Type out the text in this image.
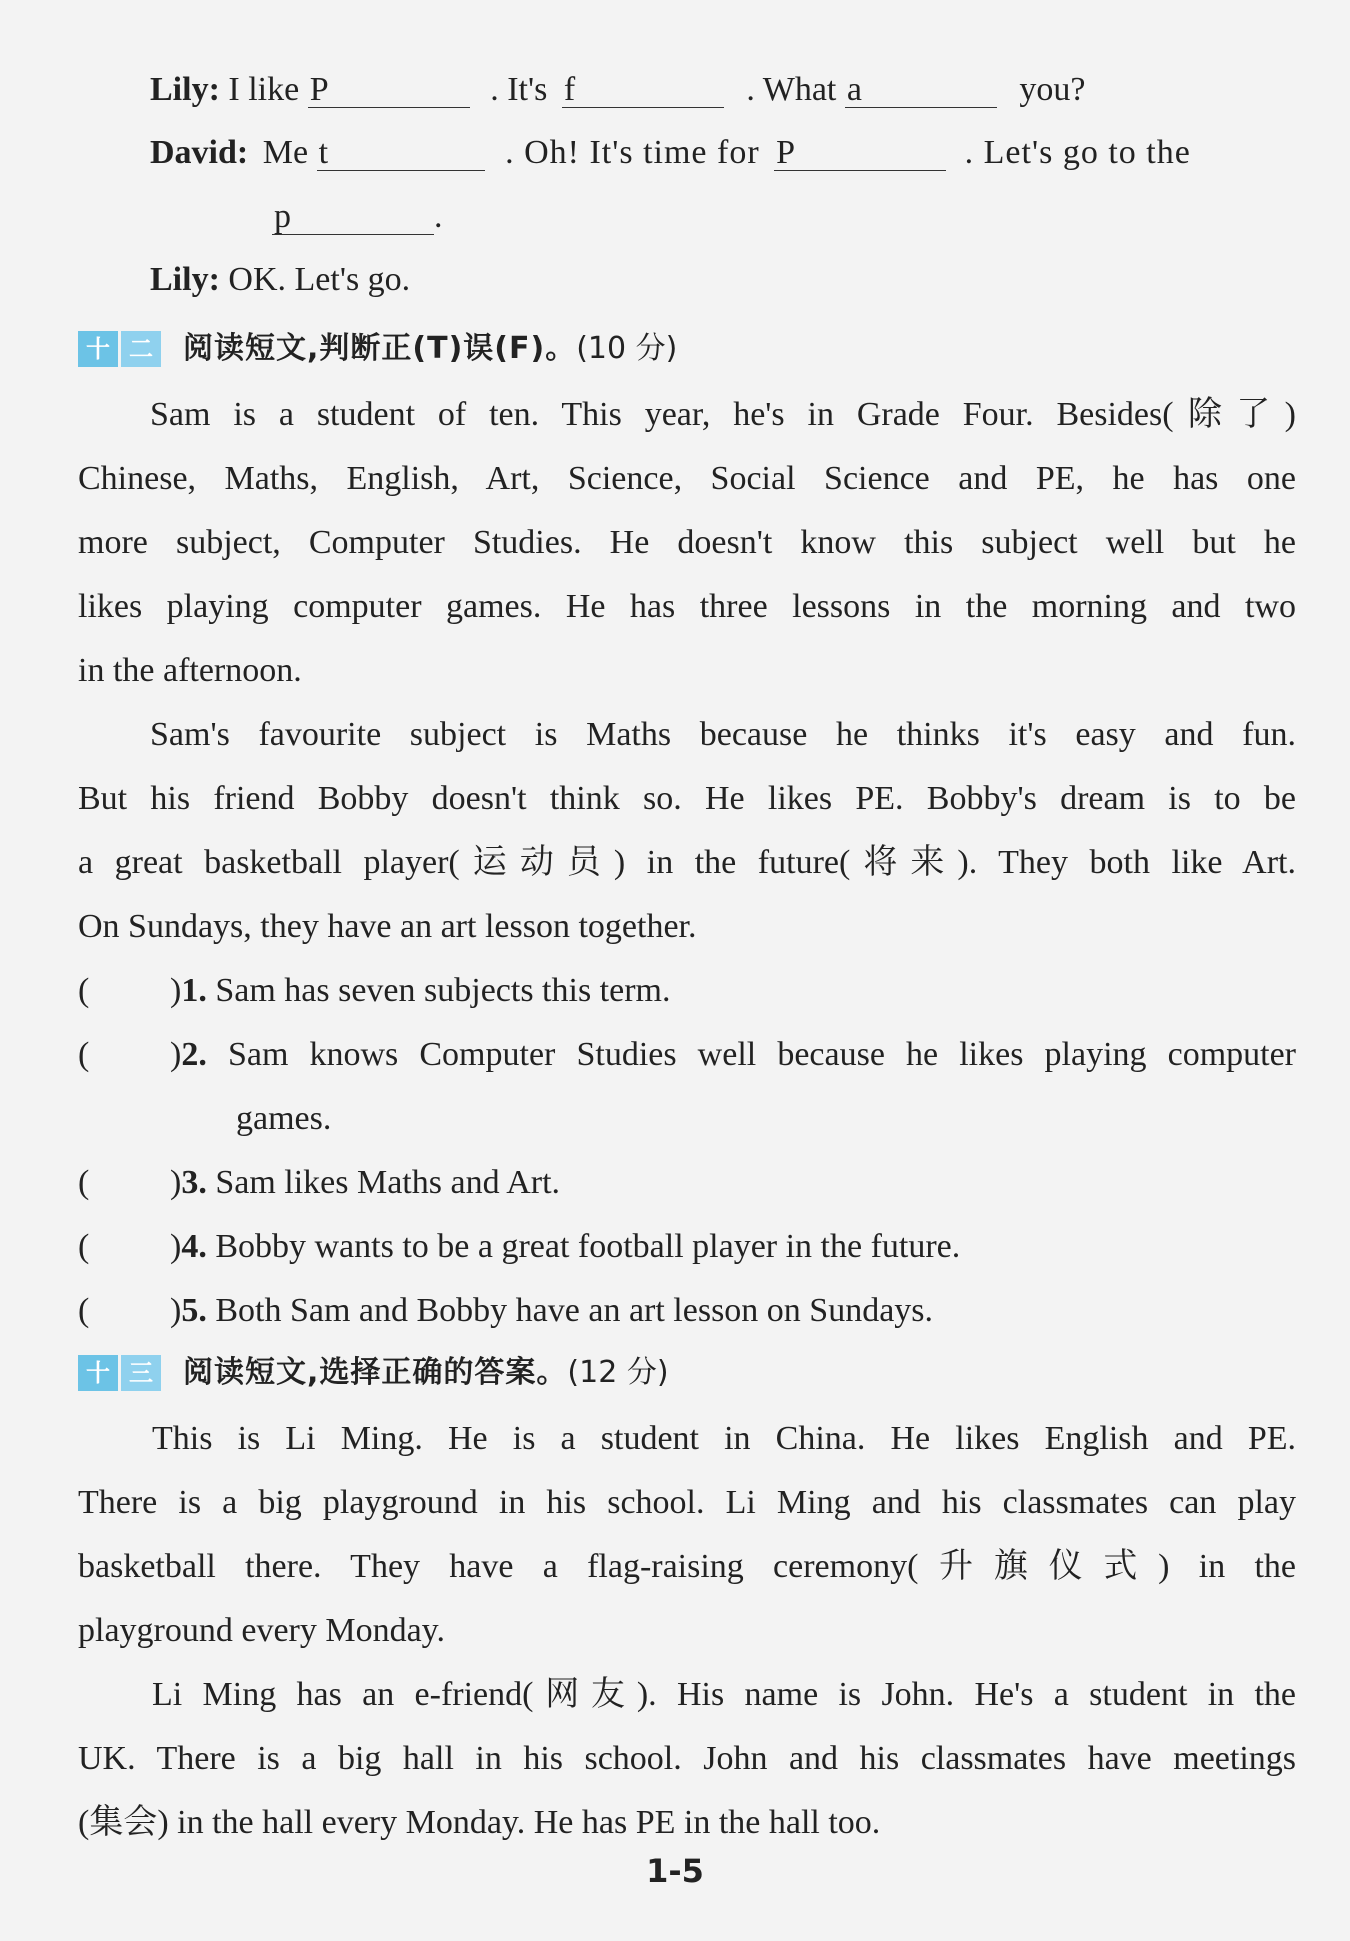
Lily: I like P	. It's f	. What a	you?
David: Me t	. Oh! It's time for P	. Let's go to the
p	.
Lily: OK. Let's go.
十 二 阅读短文,判断正(T)误(F)。 (10 分)
Sam is a student of ten. This year, he's in Grade Four. Besides(除了)
Chinese, Maths, English, Art, Science, Social Science and PE, he has one
more subject, Computer Studies. He doesn't know this subject well but he
likes playing computer games. He has three lessons in the morning and two
in the afternoon.
Sam's favourite subject is Maths because he thinks it's easy and fun.
But his friend Bobby doesn't think so. He likes PE. Bobby's dream is to be
a great basketball player(运动员) in the future(将来). They both like Art.
On Sundays, they have an art lesson together.
( )1. Sam has seven subjects this term.
( )2. Sam knows Computer Studies well because he likes playing computer
games.
( )3. Sam likes Maths and Art.
( )4. Bobby wants to be a great football player in the future.
( )5. Both Sam and Bobby have an art lesson on Sundays.
十 三 阅读短文,选择正确的答案。 (12 分)
This is Li Ming. He is a student in China. He likes English and PE.
There is a big playground in his school. Li Ming and his classmates can play
basketball there. They have a flag-raising ceremony(升旗仪式) in the
playground every Monday.
Li Ming has an e-friend(网友). His name is John. He's a student in the
UK. There is a big hall in his school. John and his classmates have meetings
(集会) in the hall every Monday. He has PE in the hall too.
1-5
